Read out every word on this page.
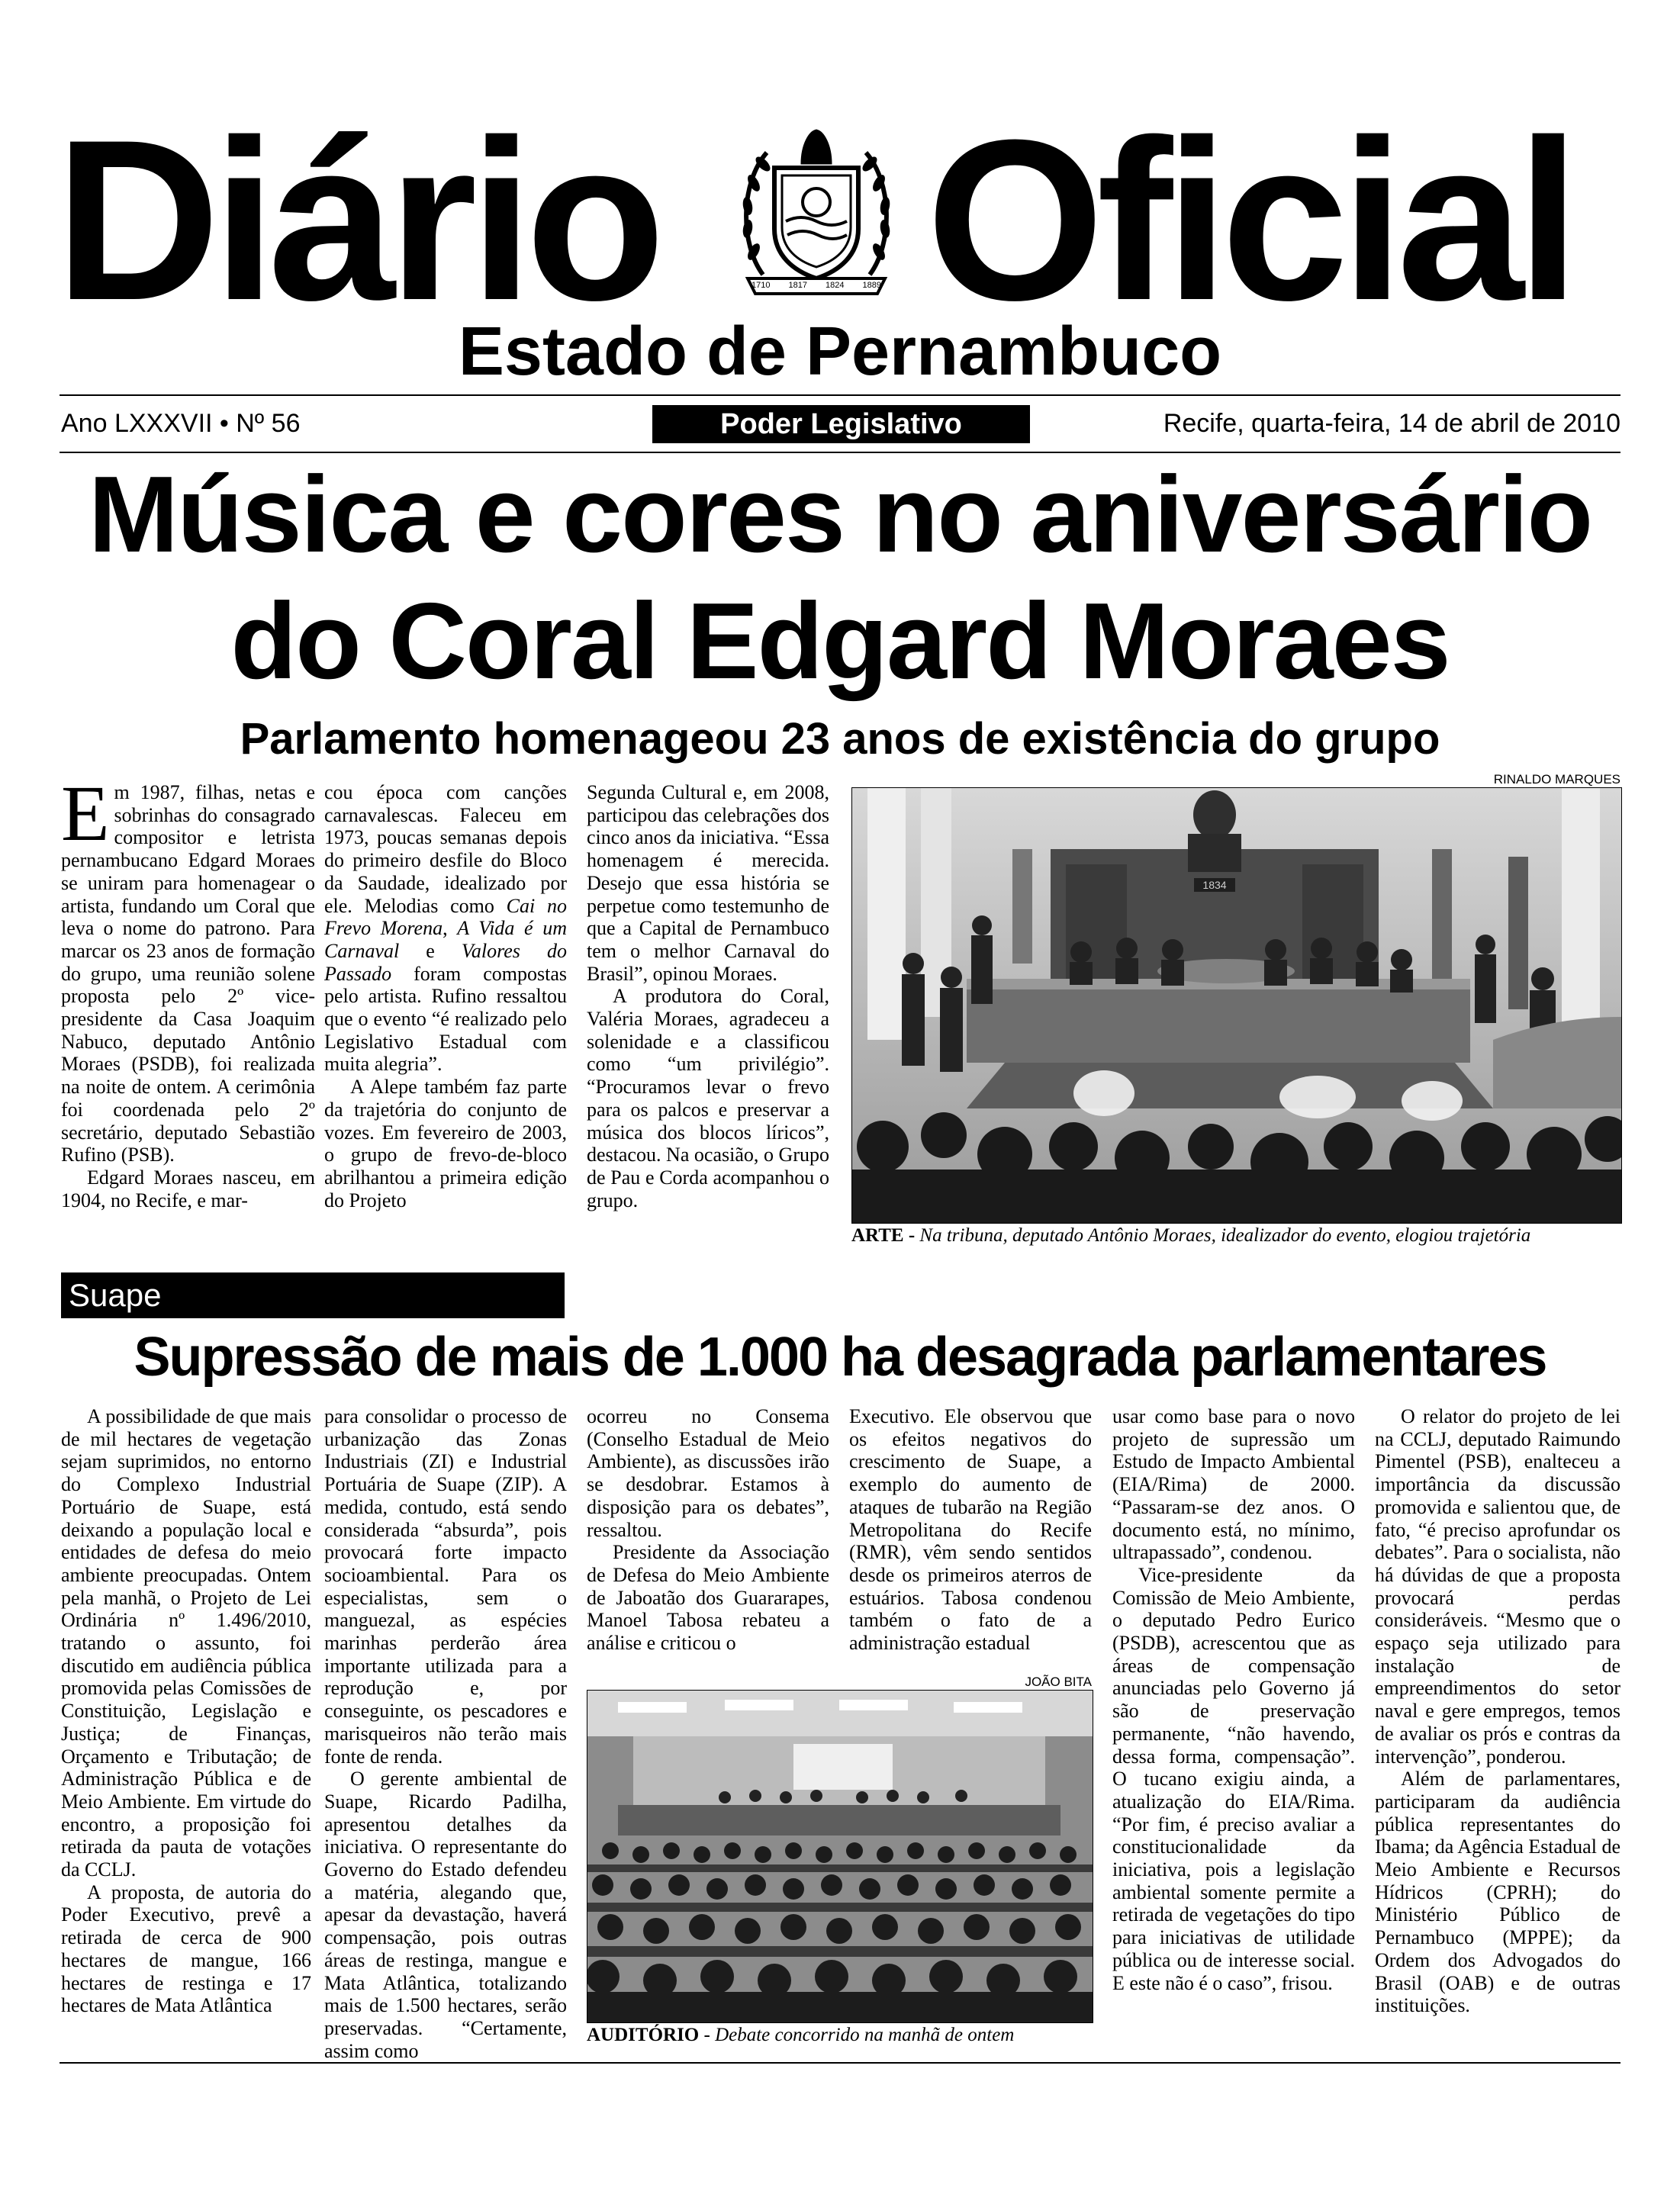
Diário	1710 1817 1824 1889 Oficial
Estado de Pernambuco
Ano LXXXVII • Nº 56	Poder Legislativo	Recife, quarta-feira, 14 de abril de 2010
Música e cores no aniversário
do Coral Edgard Moraes
Parlamento homenageou 23 anos de existência do grupo

Em 1987, filhas, netas e sobrinhas do consagrado compositor e letrista pernambucano Edgard Moraes se uniram para homenagear o artista, fundando um Coral que leva o nome do patrono. Para marcar os 23 anos de formação do grupo, uma reunião solene proposta pelo 2º vice-presidente da Casa Joaquim Nabuco, deputado Antônio Moraes (PSDB), foi realizada na noite de ontem. A cerimônia foi coordenada pelo 2º secretário, deputado Sebastião Rufino (PSB).

Edgard Moraes nasceu, em 1904, no Recife, e mar-

cou época com canções carnavalescas. Faleceu em 1973, poucas semanas depois do primeiro desfile do Bloco da Saudade, idealizado por ele. Melodias como Cai no Frevo Morena, A Vida é um Carnaval e Valores do Passado foram compostas pelo artista. Rufino ressaltou que o evento “é realizado pelo Legislativo Estadual com muita alegria”.

A Alepe também faz parte da trajetória do conjunto de vozes. Em fevereiro de 2003, o grupo de frevo-de-bloco abrilhantou a primeira edição do Projeto

Segunda Cultural e, em 2008, participou das celebrações dos cinco anos da iniciativa. “Essa homenagem é merecida. Desejo que essa história se perpetue como testemunho de que a Capital de Pernambuco tem o melhor Carnaval do Brasil”, opinou Moraes.

A produtora do Coral, Valéria Moraes, agradeceu a solenidade e a classificou como “um privilégio”. “Procuramos levar o frevo para os palcos e preservar a música dos blocos líricos”, destacou. Na ocasião, o Grupo de Pau e Corda acompanhou o grupo.

RINALDO MARQUES
1834
ARTE - Na tribuna, deputado Antônio Moraes, idealizador do evento, elogiou trajetória
Suape
Supressão de mais de 1.000 ha desagrada parlamentares

A possibilidade de que mais de mil hectares de vegetação sejam suprimidos, no entorno do Complexo Industrial Portuário de Suape, está deixando a população local e entidades de defesa do meio ambiente preocupadas. Ontem pela manhã, o Projeto de Lei Ordinária nº 1.496/2010, tratando o assunto, foi discutido em audiência pública promovida pelas Comissões de Constituição, Legislação e Justiça; de Finanças, Orçamento e Tributação; de Administração Pública e de Meio Ambiente. Em virtude do encontro, a proposição foi retirada da pauta de votações da CCLJ.

A proposta, de autoria do Poder Executivo, prevê a retirada de cerca de 900 hectares de mangue, 166 hectares de restinga e 17 hectares de Mata Atlântica

para consolidar o processo de urbanização das Zonas Industriais (ZI) e Industrial Portuária de Suape (ZIP). A medida, contudo, está sendo considerada “absurda”, pois provocará forte impacto socioambiental. Para os especialistas, sem o manguezal, as espécies marinhas perderão área importante utilizada para a reprodução e, por conseguinte, os pescadores e marisqueiros não terão mais fonte de renda.

O gerente ambiental de Suape, Ricardo Padilha, apresentou detalhes da iniciativa. O representante do Governo do Estado defendeu a matéria, alegando que, apesar da devastação, haverá compensação, pois outras áreas de restinga, mangue e Mata Atlântica, totalizando mais de 1.500 hectares, serão preservadas. “Certamente, assim como

ocorreu no Consema (Conselho Estadual de Meio Ambiente), as discussões irão se desdobrar. Estamos à disposição para os debates”, ressaltou.

Presidente da Associação de Defesa do Meio Ambiente de Jaboatão dos Guararapes, Manoel Tabosa rebateu a análise e criticou o

Executivo. Ele observou que os efeitos negativos do crescimento de Suape, a exemplo do aumento de ataques de tubarão na Região Metropolitana do Recife (RMR), vêm sendo sentidos desde os primeiros aterros de estuários. Tabosa condenou também o fato de a administração estadual

JOÃO BITA
AUDITÓRIO - Debate concorrido na manhã de ontem

usar como base para o novo projeto de supressão um Estudo de Impacto Ambiental (EIA/Rima) de 2000. “Passaram-se dez anos. O documento está, no mínimo, ultrapassado”, condenou.

Vice-presidente da Comissão de Meio Ambiente, o deputado Pedro Eurico (PSDB), acrescentou que as áreas de compensação anunciadas pelo Governo já são de preservação permanente, “não havendo, dessa forma, compensação”. O tucano exigiu ainda, a atualização do EIA/Rima. “Por fim, é preciso avaliar a constitucionalidade da iniciativa, pois a legislação ambiental somente permite a retirada de vegetações do tipo para iniciativas de utilidade pública ou de interesse social. E este não é o caso”, frisou.

O relator do projeto de lei na CCLJ, deputado Raimundo Pimentel (PSB), enalteceu a importância da discussão promovida e salientou que, de fato, “é preciso aprofundar os debates”. Para o socialista, não há dúvidas de que a proposta provocará perdas consideráveis. “Mesmo que o espaço seja utilizado para instalação de empreendimentos do setor naval e gere empregos, temos de avaliar os prós e contras da intervenção”, ponderou.

Além de parlamentares, participaram da audiência pública representantes do Ibama; da Agência Estadual de Meio Ambiente e Recursos Hídricos (CPRH); do Ministério Público de Pernambuco (MPPE); da Ordem dos Advogados do Brasil (OAB) e de outras instituições.
